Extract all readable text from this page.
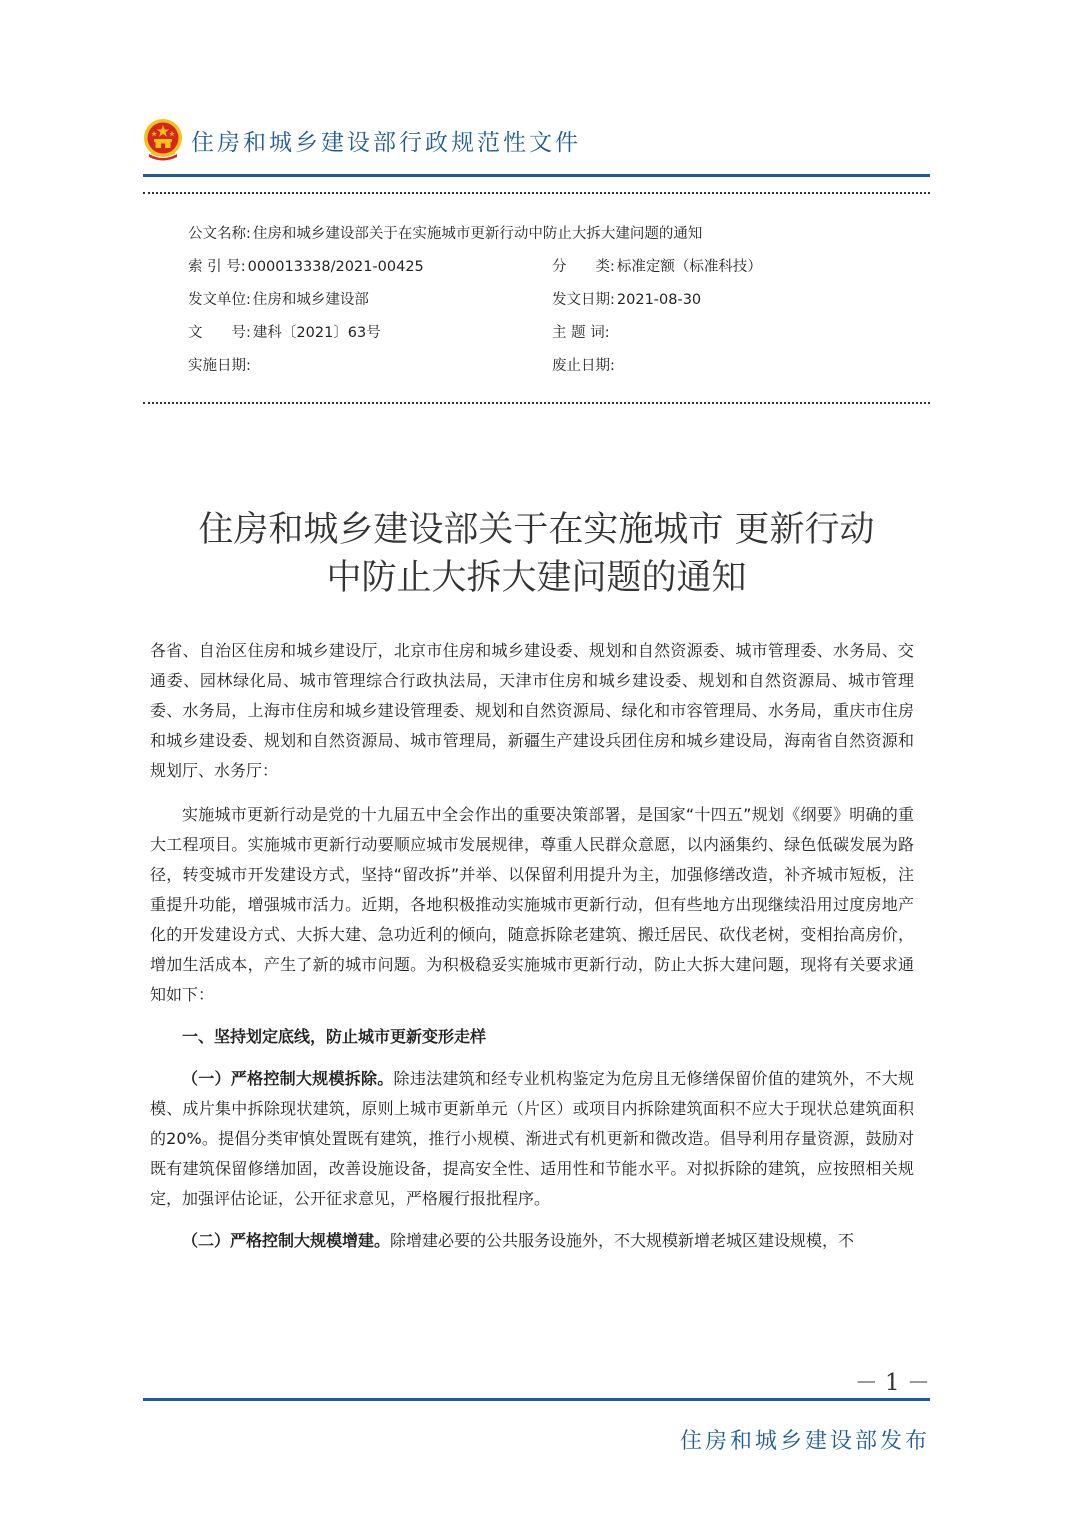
住房和城乡建设部行政规范性文件
公文名称: 住房和城乡建设部关于在实施城市更新行动中防止大拆大建问题的通知
索 引 号: 000013338/2021-00425	分　　类: 标准定额（标准科技）
发文单位: 住房和城乡建设部	发文日期: 2021-08-30
文　　号: 建科〔2021〕63号	主 题 词:
实施日期:	废止日期:
住房和城乡建设部关于在实施城市 更新行动
中防止大拆大建问题的通知

各省、自治区住房和城乡建设厅，北京市住房和城乡建设委、规划和自然资源委、城市管理委、水务局、交通委、园林绿化局、城市管理综合行政执法局，天津市住房和城乡建设委、规划和自然资源局、城市管理委、水务局，上海市住房和城乡建设管理委、规划和自然资源局、绿化和市容管理局、水务局，重庆市住房和城乡建设委、规划和自然资源局、城市管理局，新疆生产建设兵团住房和城乡建设局，海南省自然资源和规划厅、水务厅：

实施城市更新行动是党的十九届五中全会作出的重要决策部署，是国家“十四五”规划《纲要》明确的重大工程项目。实施城市更新行动要顺应城市发展规律，尊重人民群众意愿，以内涵集约、绿色低碳发展为路径，转变城市开发建设方式，坚持“留改拆”并举、以保留利用提升为主，加强修缮改造，补齐城市短板，注重提升功能，增强城市活力。近期，各地积极推动实施城市更新行动，但有些地方出现继续沿用过度房地产化的开发建设方式、大拆大建、急功近利的倾向，随意拆除老建筑、搬迁居民、砍伐老树，变相抬高房价，增加生活成本，产生了新的城市问题。为积极稳妥实施城市更新行动，防止大拆大建问题，现将有关要求通知如下：

一、坚持划定底线，防止城市更新变形走样

（一）严格控制大规模拆除。除违法建筑和经专业机构鉴定为危房且无修缮保留价值的建筑外，不大规模、成片集中拆除现状建筑，原则上城市更新单元（片区）或项目内拆除建筑面积不应大于现状总建筑面积的20%。提倡分类审慎处置既有建筑，推行小规模、渐进式有机更新和微改造。倡导利用存量资源，鼓励对既有建筑保留修缮加固，改善设施设备，提高安全性、适用性和节能水平。对拟拆除的建筑，应按照相关规定，加强评估论证，公开征求意见，严格履行报批程序。

（二）严格控制大规模增建。除增建必要的公共服务设施外，不大规模新增老城区建设规模，不

－ 1 －
住房和城乡建设部发布
